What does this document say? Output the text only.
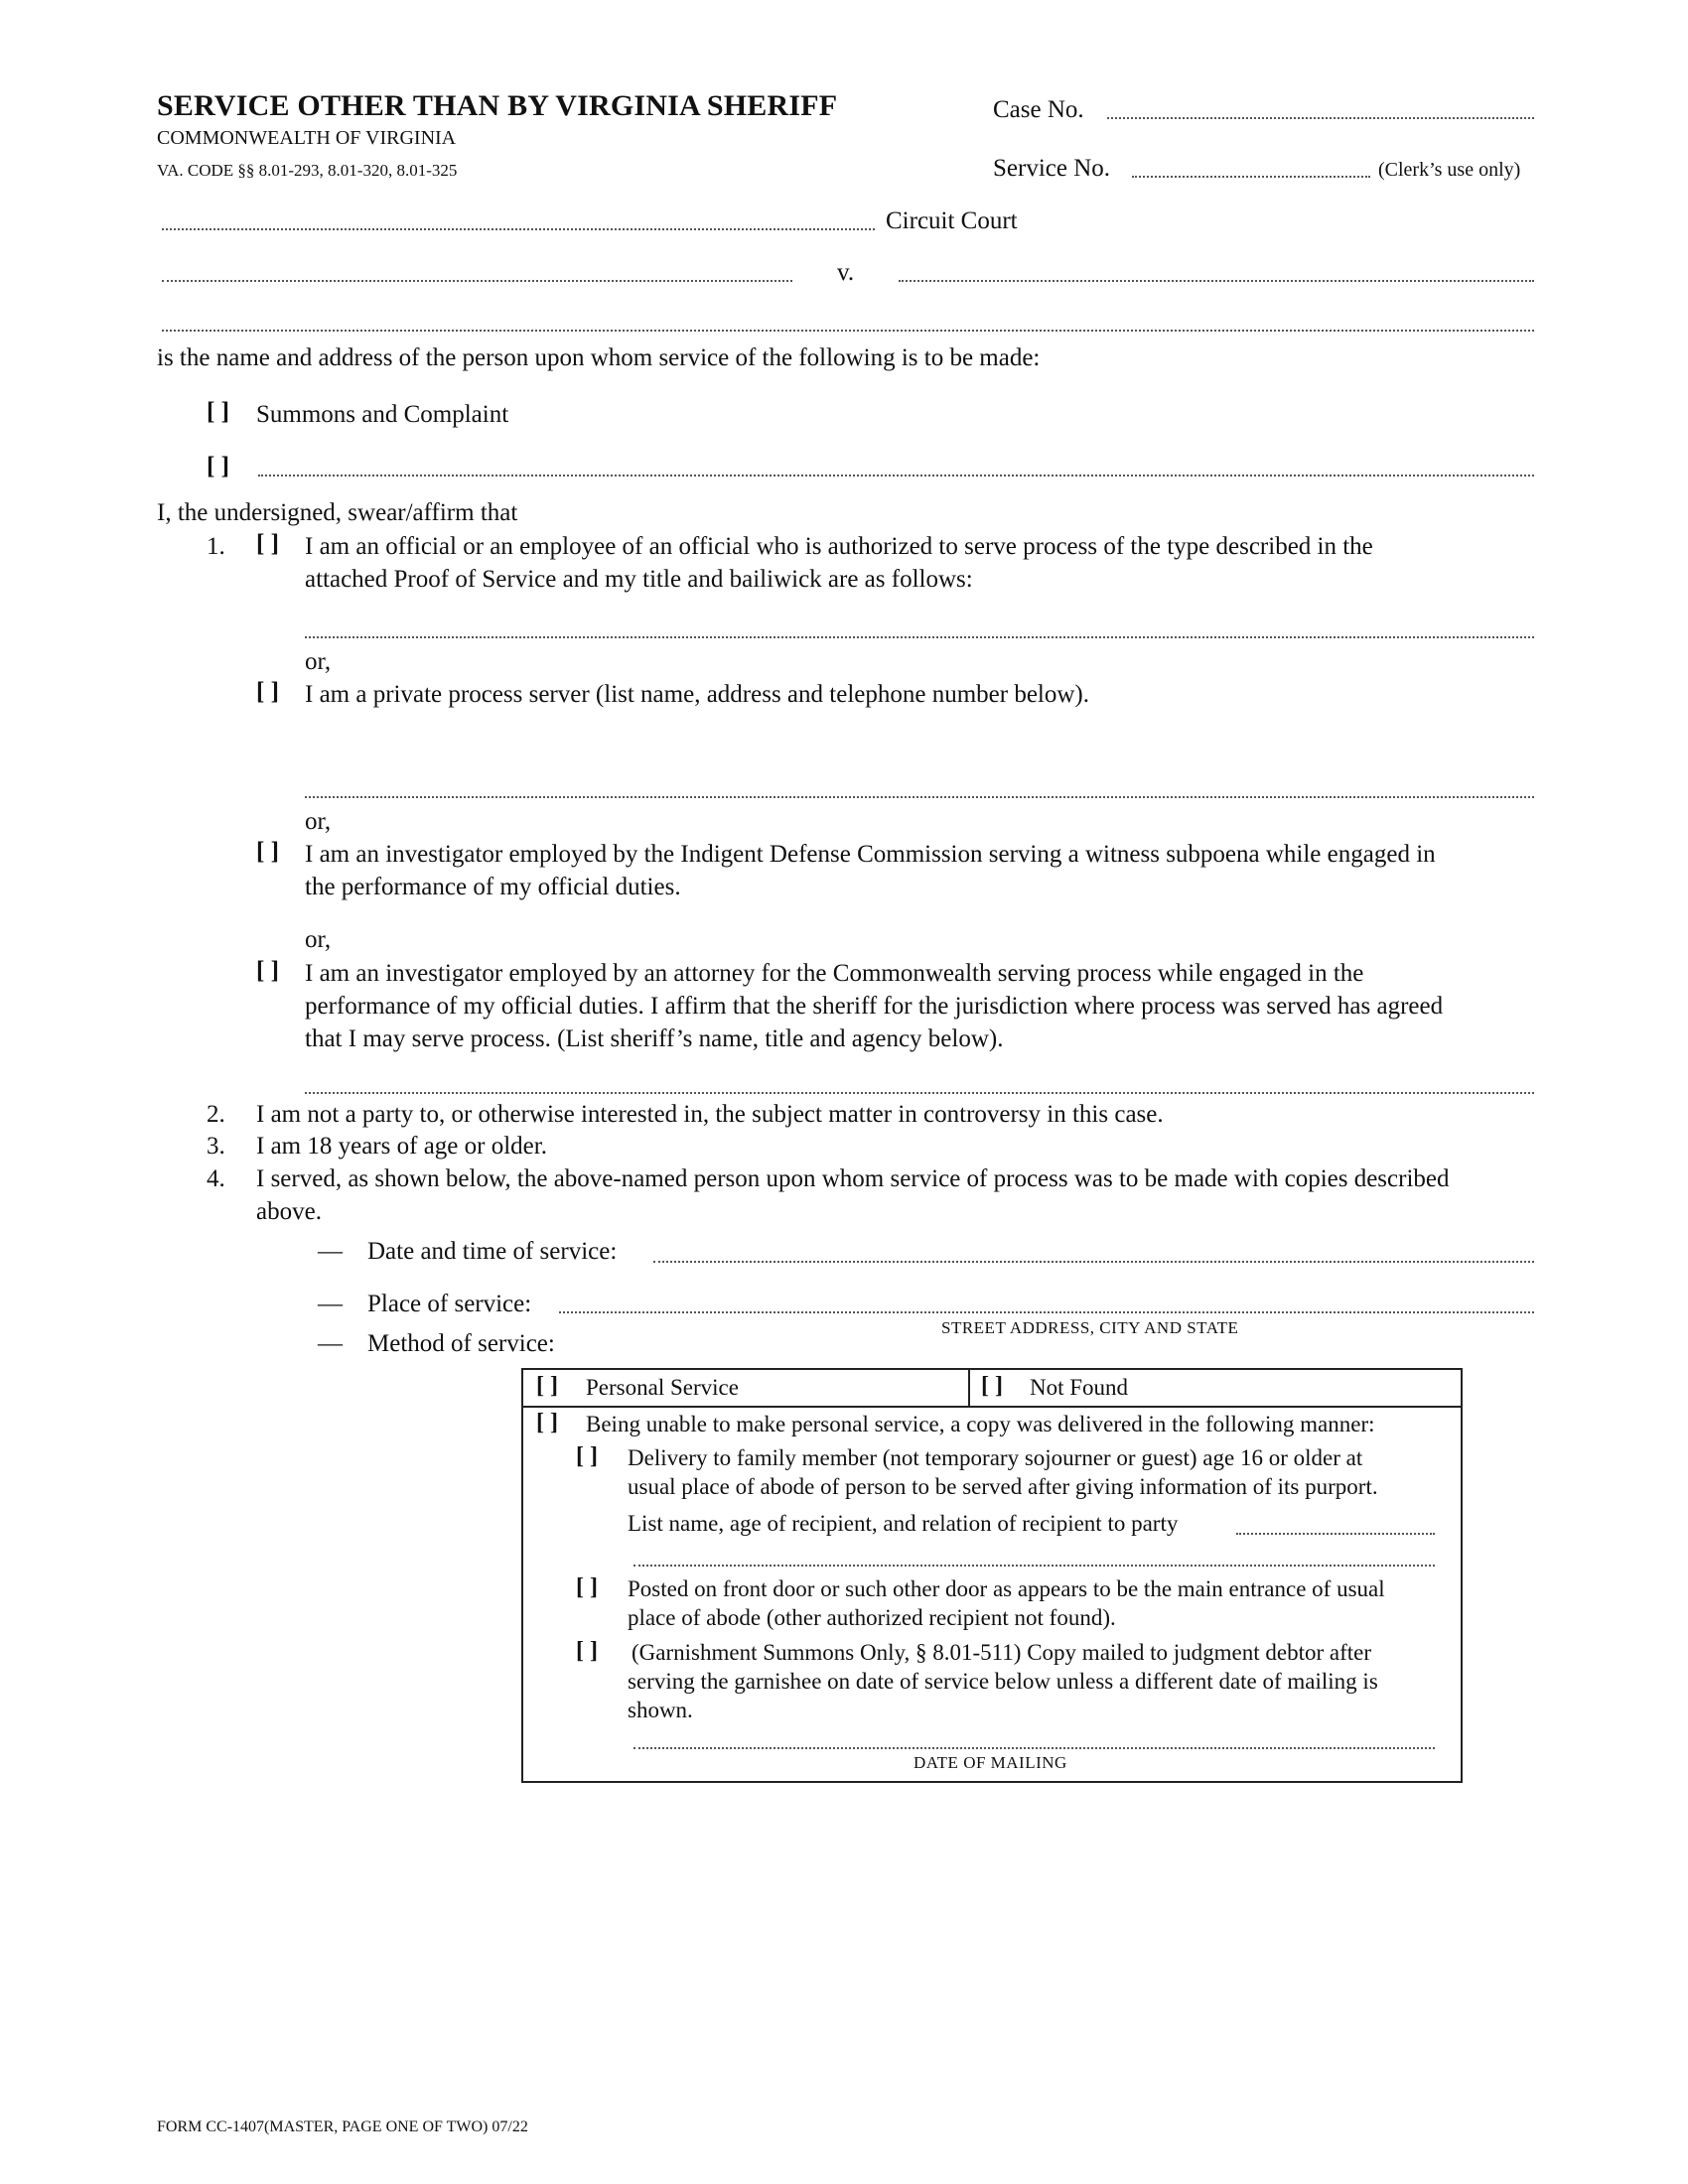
SERVICE OTHER THAN BY VIRGINIA SHERIFF
COMMONWEALTH OF VIRGINIA
VA. CODE §§ 8.01-293, 8.01-320, 8.01-325
Case No.
Service No.	(Clerk’s use only)
Circuit Court
v.
is the name and address of the person upon whom service of the following is to be made:
[ ] Summons and Complaint
[ ]
I, the undersigned, swear/affirm that
1. [ ] I am an official or an employee of an official who is authorized to serve process of the type described in the
attached Proof of Service and my title and bailiwick are as follows:
or,
[ ] I am a private process server (list name, address and telephone number below).
or,
[ ] I am an investigator employed by the Indigent Defense Commission serving a witness subpoena while engaged in
the performance of my official duties.
or,
[ ] I am an investigator employed by an attorney for the Commonwealth serving process while engaged in the
performance of my official duties. I affirm that the sheriff for the jurisdiction where process was served has agreed
that I may serve process. (List sheriff’s name, title and agency below).
2. I am not a party to, or otherwise interested in, the subject matter in controversy in this case.
3. I am 18 years of age or older.
4. I served, as shown below, the above-named person upon whom service of process was to be made with copies described
above.
— Date and time of service:
— Place of service:
STREET ADDRESS, CITY AND STATE
— Method of service:
[ ] Personal Service	[ ] Not Found
[ ] Being unable to make personal service, a copy was delivered in the following manner:
[ ] Delivery to family member (not temporary sojourner or guest) age 16 or older at
usual place of abode of person to be served after giving information of its purport.
List name, age of recipient, and relation of recipient to party
[ ] Posted on front door or such other door as appears to be the main entrance of usual
place of abode (other authorized recipient not found).
[ ] (Garnishment Summons Only, § 8.01-511) Copy mailed to judgment debtor after
serving the garnishee on date of service below unless a different date of mailing is
shown.
DATE OF MAILING
FORM CC-1407(MASTER, PAGE ONE OF TWO) 07/22
